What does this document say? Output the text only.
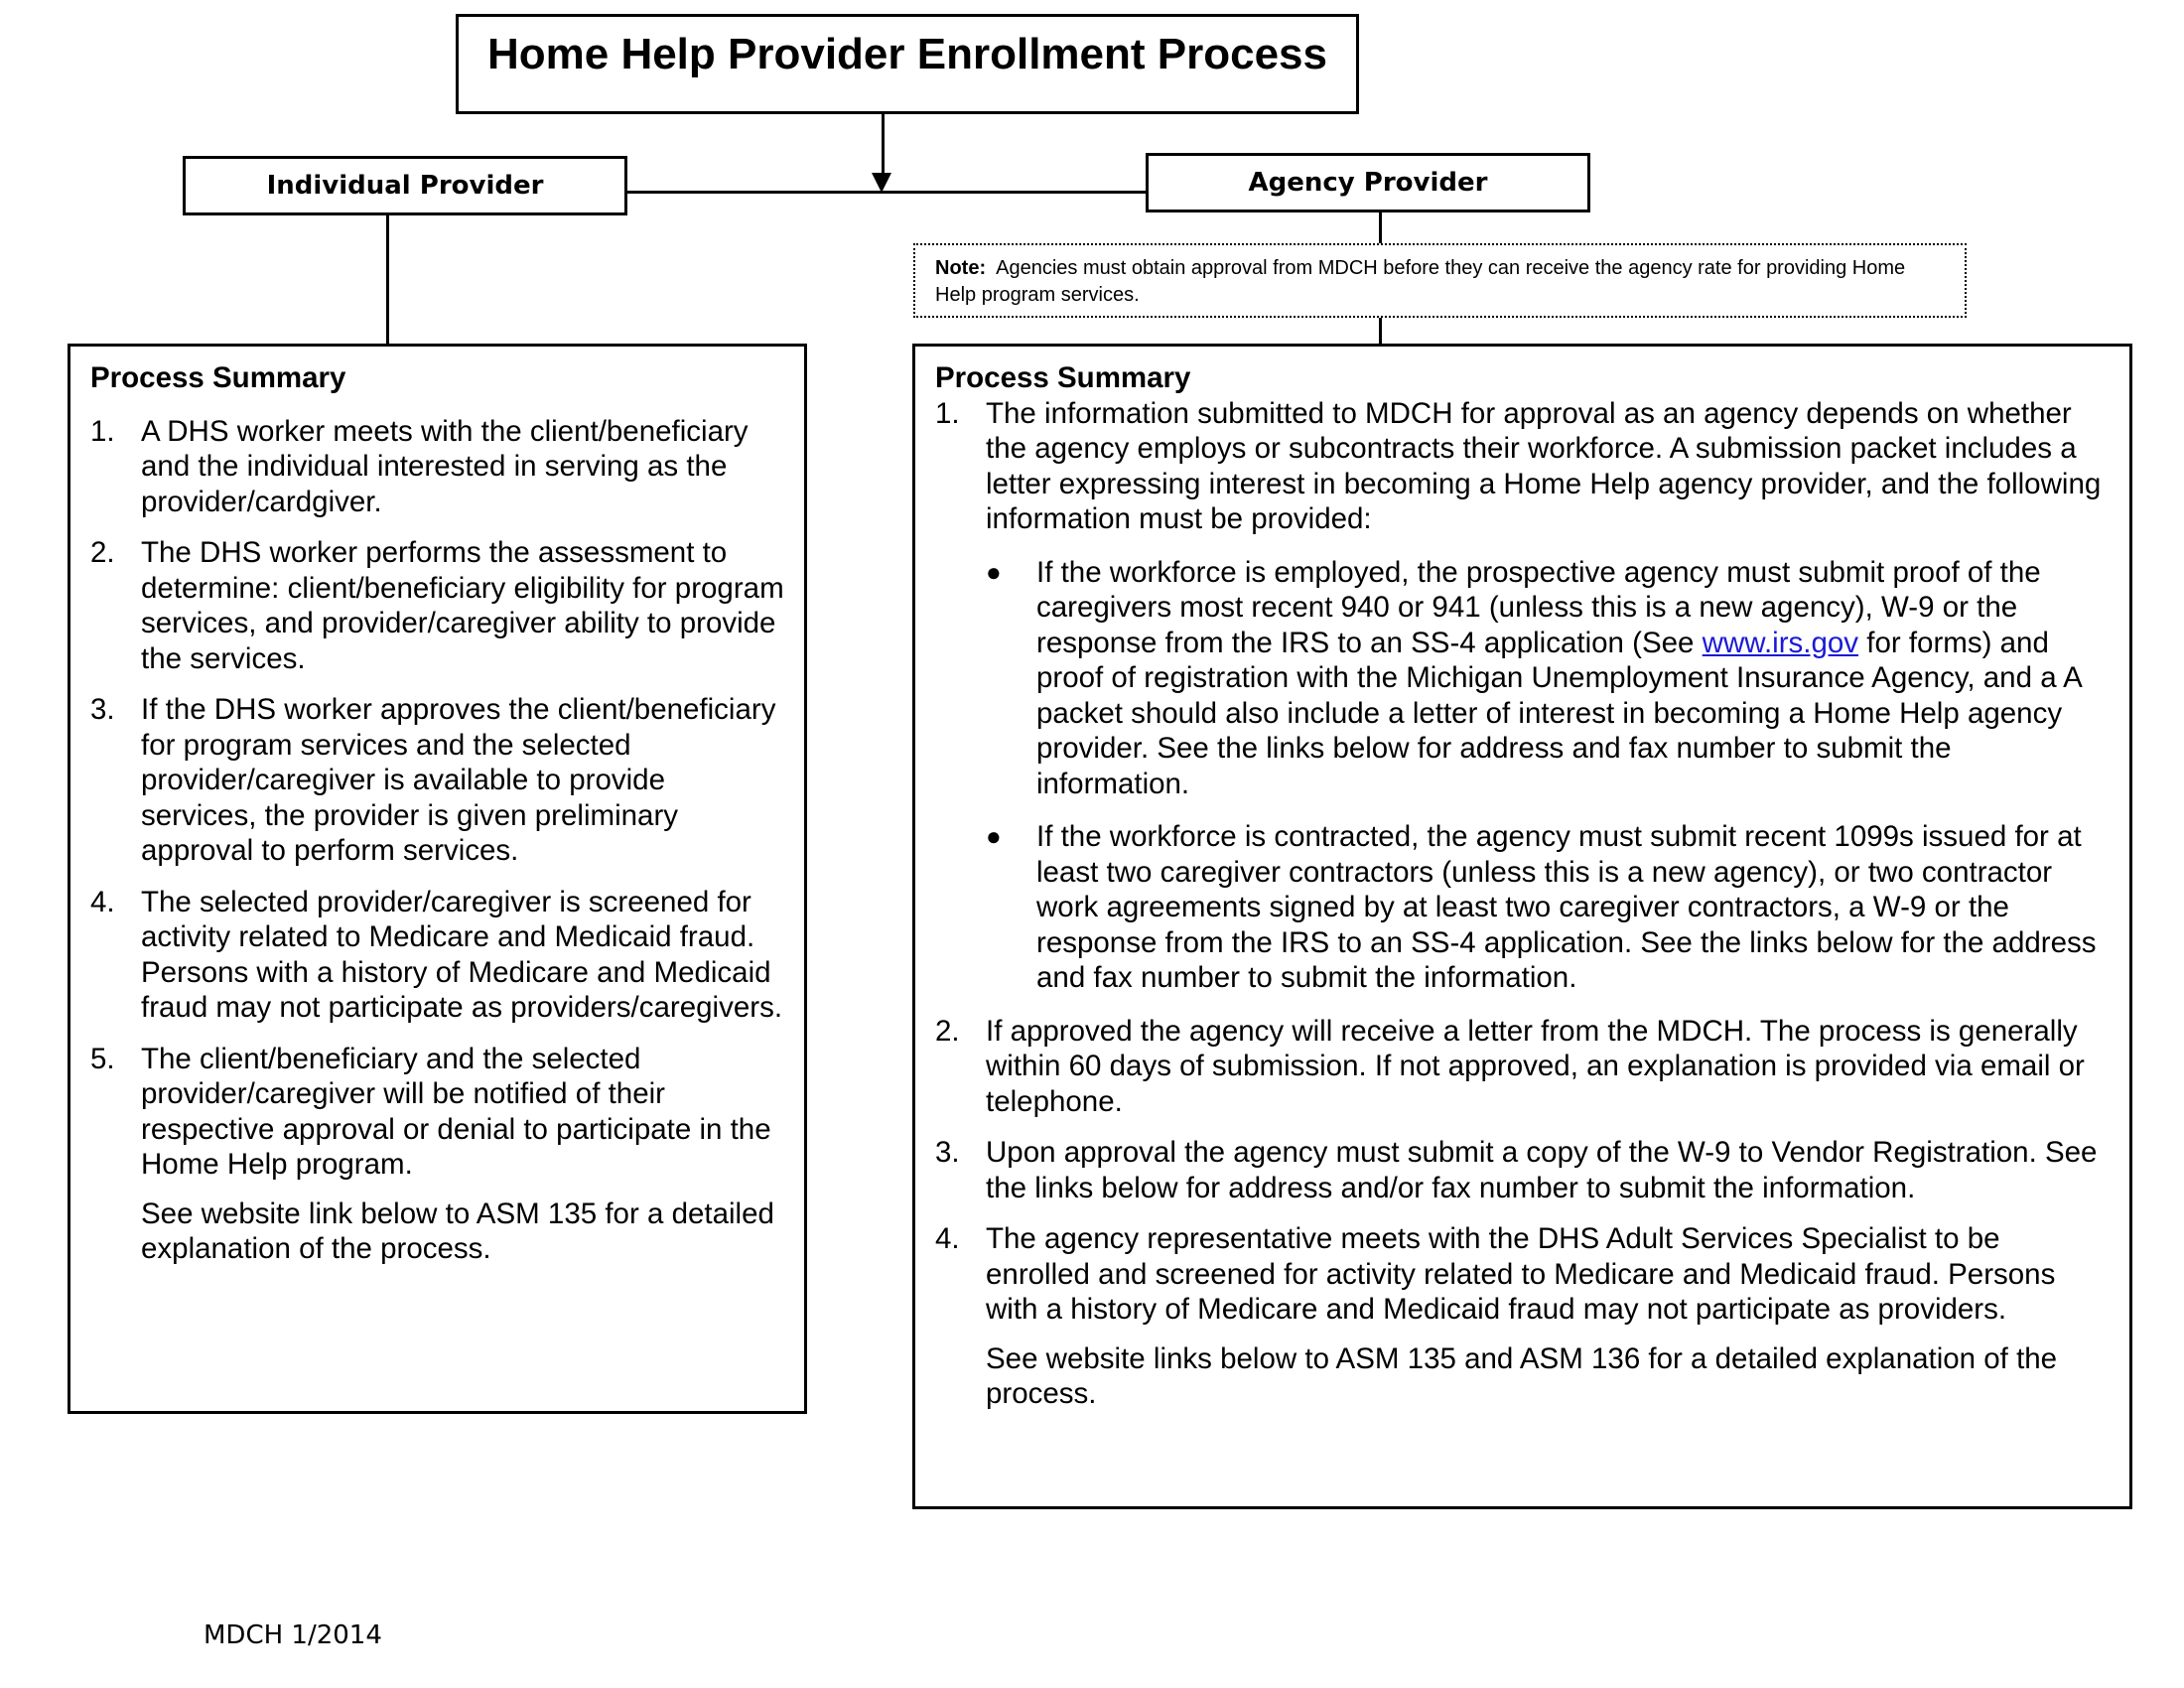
Home Help Provider Enrollment Process
Individual Provider	Agency Provider
Note: Agencies must obtain approval from MDCH before they can receive the agency rate for providing Home Help program services.
Process Summary
1. A DHS worker meets with the client/beneficiary and the individual interested in serving as the provider/cardgiver.
2. The DHS worker performs the assessment to determine: client/beneficiary eligibility for program services, and provider/caregiver ability to provide the services.
3. If the DHS worker approves the client/beneficiary for program services and the selected provider/caregiver is available to provide services, the provider is given preliminary approval to perform services.
4. The selected provider/caregiver is screened for activity related to Medicare and Medicaid fraud. Persons with a history of Medicare and Medicaid fraud may not participate as providers/caregivers.
5. The client/beneficiary and the selected provider/caregiver will be notified of their respective approval or denial to participate in the Home Help program.
See website link below to ASM 135 for a detailed explanation of the process.
Process Summary
1. The information submitted to MDCH for approval as an agency depends on whether the agency employs or subcontracts their workforce. A submission packet includes a letter expressing interest in becoming a Home Help agency provider, and the following information must be provided:
● If the workforce is employed, the prospective agency must submit proof of the caregivers most recent 940 or 941 (unless this is a new agency), W-9 or the response from the IRS to an SS-4 application (See www.irs.gov for forms) and proof of registration with the Michigan Unemployment Insurance Agency, and a A packet should also include a letter of interest in becoming a Home Help agency provider. See the links below for address and fax number to submit the information.
● If the workforce is contracted, the agency must submit recent 1099s issued for at least two caregiver contractors (unless this is a new agency), or two contractor work agreements signed by at least two caregiver contractors, a W-9 or the response from the IRS to an SS-4 application. See the links below for the address and fax number to submit the information.
2. If approved the agency will receive a letter from the MDCH. The process is generally within 60 days of submission. If not approved, an explanation is provided via email or telephone.
3. Upon approval the agency must submit a copy of the W-9 to Vendor Registration. See the links below for address and/or fax number to submit the information.
4. The agency representative meets with the DHS Adult Services Specialist to be enrolled and screened for activity related to Medicare and Medicaid fraud. Persons with a history of Medicare and Medicaid fraud may not participate as providers.
See website links below to ASM 135 and ASM 136 for a detailed explanation of the process.
MDCH 1/2014
